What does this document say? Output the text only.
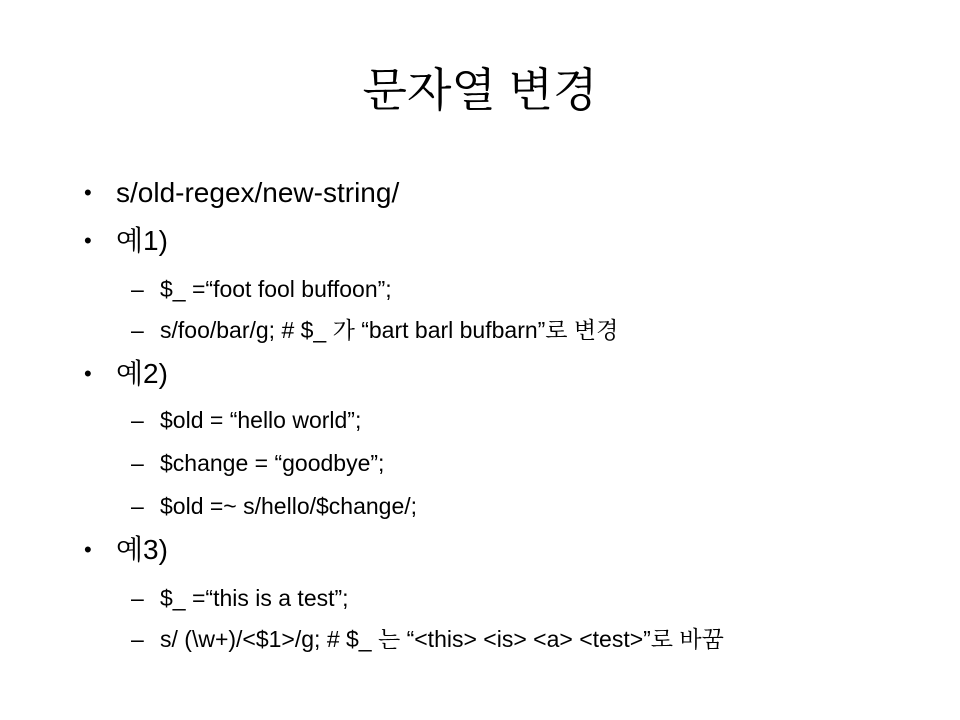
문자열 변경
• s/old-regex/new-string/
• 예1)
– $_ =“foot fool buffoon”;
– s/foo/bar/g; # $_ 가 “bart barl bufbarn”로 변경
• 예2)
– $old = “hello world”;
– $change = “goodbye”;
– $old =~ s/hello/$change/;
• 예3)
– $_ =“this is a test”;
– s/ (\w+)/<$1>/g; # $_ 는 “<this> <is> <a> <test>”로 바꿈
